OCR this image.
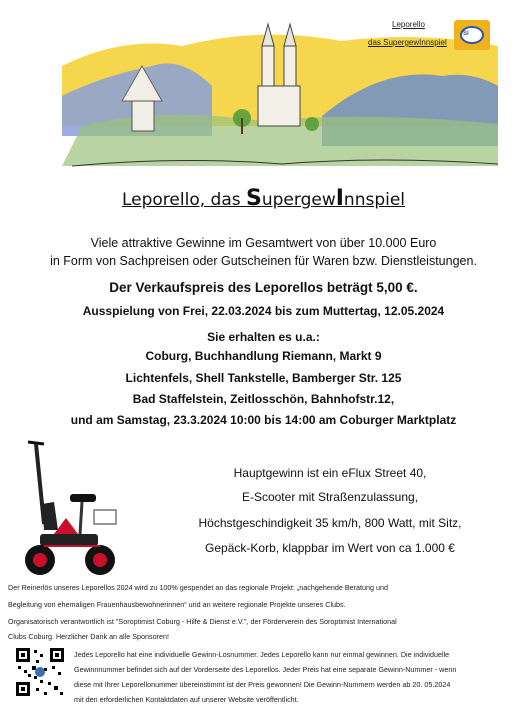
Leporello
das SupergewInnspiel
SI
Leporello, das SupergewInnspiel
Viele attraktive Gewinne im Gesamtwert von über 10.000 Euro
in Form von Sachpreisen oder Gutscheinen für Waren bzw. Dienstleistungen.
Der Verkaufspreis des Leporellos beträgt 5,00 €.
Ausspielung von Frei, 22.03.2024 bis zum Muttertag, 12.05.2024
Sie erhalten es u.a.:
Coburg, Buchhandlung Riemann, Markt 9
Lichtenfels, Shell Tankstelle, Bamberger Str. 125
Bad Staffelstein, Zeitlosschön, Bahnhofstr.12,
und am Samstag, 23.3.2024 10:00 bis 14:00 am Coburger Marktplatz
Hauptgewinn ist ein eFlux Street 40,
E-Scooter mit Straßenzulassung,
Höchstgeschindigkeit 35 km/h, 800 Watt, mit Sitz,
Gepäck-Korb, klappbar im Wert von ca 1.000 €
Der Reinerlös unseres Leporellos 2024 wird zu 100% gespendet an das regionale Projekt: „nachgehende Beratung und
Begleitung von ehemaligen Frauenhausbewohnerinnen“ und an weitere regionale Projekte unseres Clubs.
Organisatorisch verantwortlich ist "Soroptimist Coburg - Hilfe & Dienst e.V.", der Förderverein des Soroptimist International
Clubs Coburg. Herzlicher Dank an alle Sponsoren!
Jedes Leporello hat eine individuelle Gewinn-Losnummer. Jedes Leporello kann nur einmal gewinnen. Die individuelle
Gewinnnummer befindet sich auf der Vorderseite des Leporellos. Jeder Preis hat eine separate Gewinn-Nummer - wenn
diese mit Ihrer Leporellonummer übereinstimmt ist der Preis gewonnen! Die Gewinn-Nummern werden ab 20. 05.2024
mit den erforderlichen Kontaktdaten auf unserer Website veröffentlicht.
